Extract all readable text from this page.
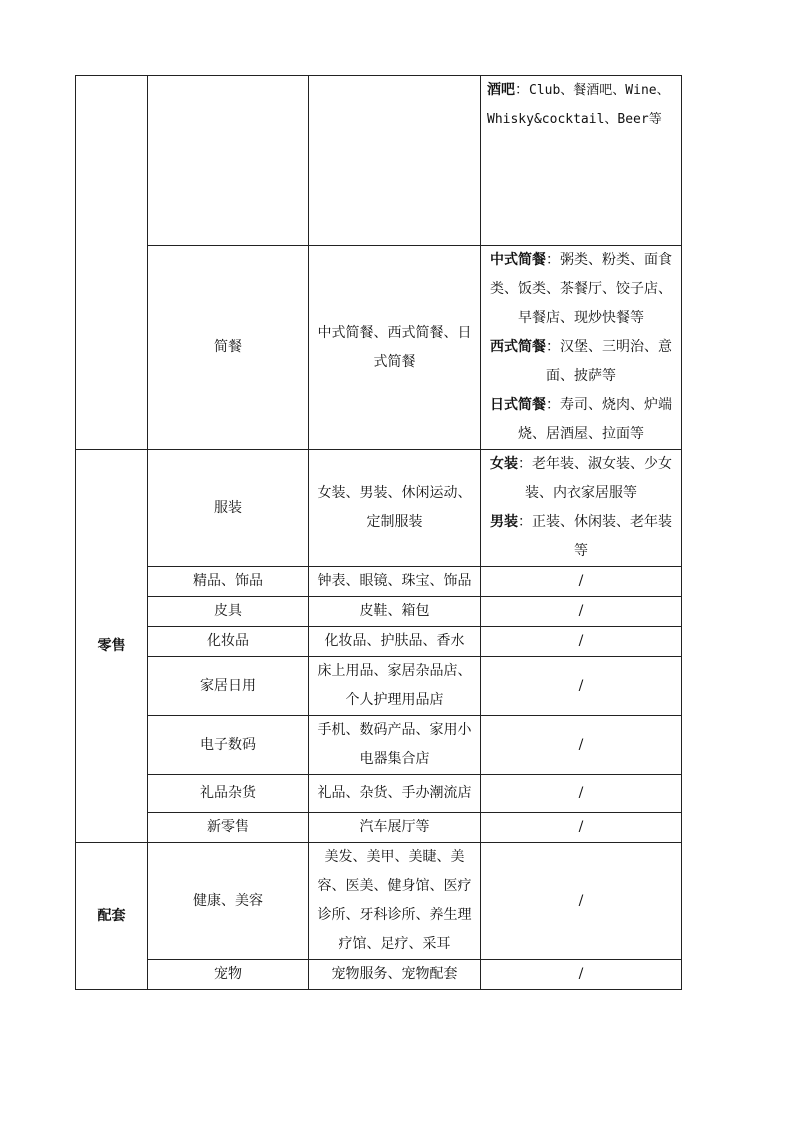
			酒吧：Club、餐酒吧、Wine、Whisky&cocktail、Beer等
	简餐	中式简餐、西式简餐、日式简餐	中式简餐：粥类、粉类、面食类、饭类、茶餐厅、饺子店、早餐店、现炒快餐等
西式简餐：汉堡、三明治、意面、披萨等
日式简餐：寿司、烧肉、炉端烧、居酒屋、拉面等

零售	服装	女装、男装、休闲运动、定制服装	女装：老年装、淑女装、少女装、内衣家居服等
男装：正装、休闲装、老年装等

	精品、饰品	钟表、眼镜、珠宝、饰品	/
	皮具	皮鞋、箱包	/
	化妆品	化妆品、护肤品、香水	/
	家居日用	床上用品、家居杂品店、个人护理用品店	/
	电子数码	手机、数码产品、家用小电器集合店	/
	礼品杂货	礼品、杂货、手办潮流店	/
	新零售	汽车展厅等	/
配套	健康、美容	美发、美甲、美睫、美容、医美、健身馆、医疗诊所、牙科诊所、养生理疗馆、足疗、采耳	/
	宠物	宠物服务、宠物配套	/
